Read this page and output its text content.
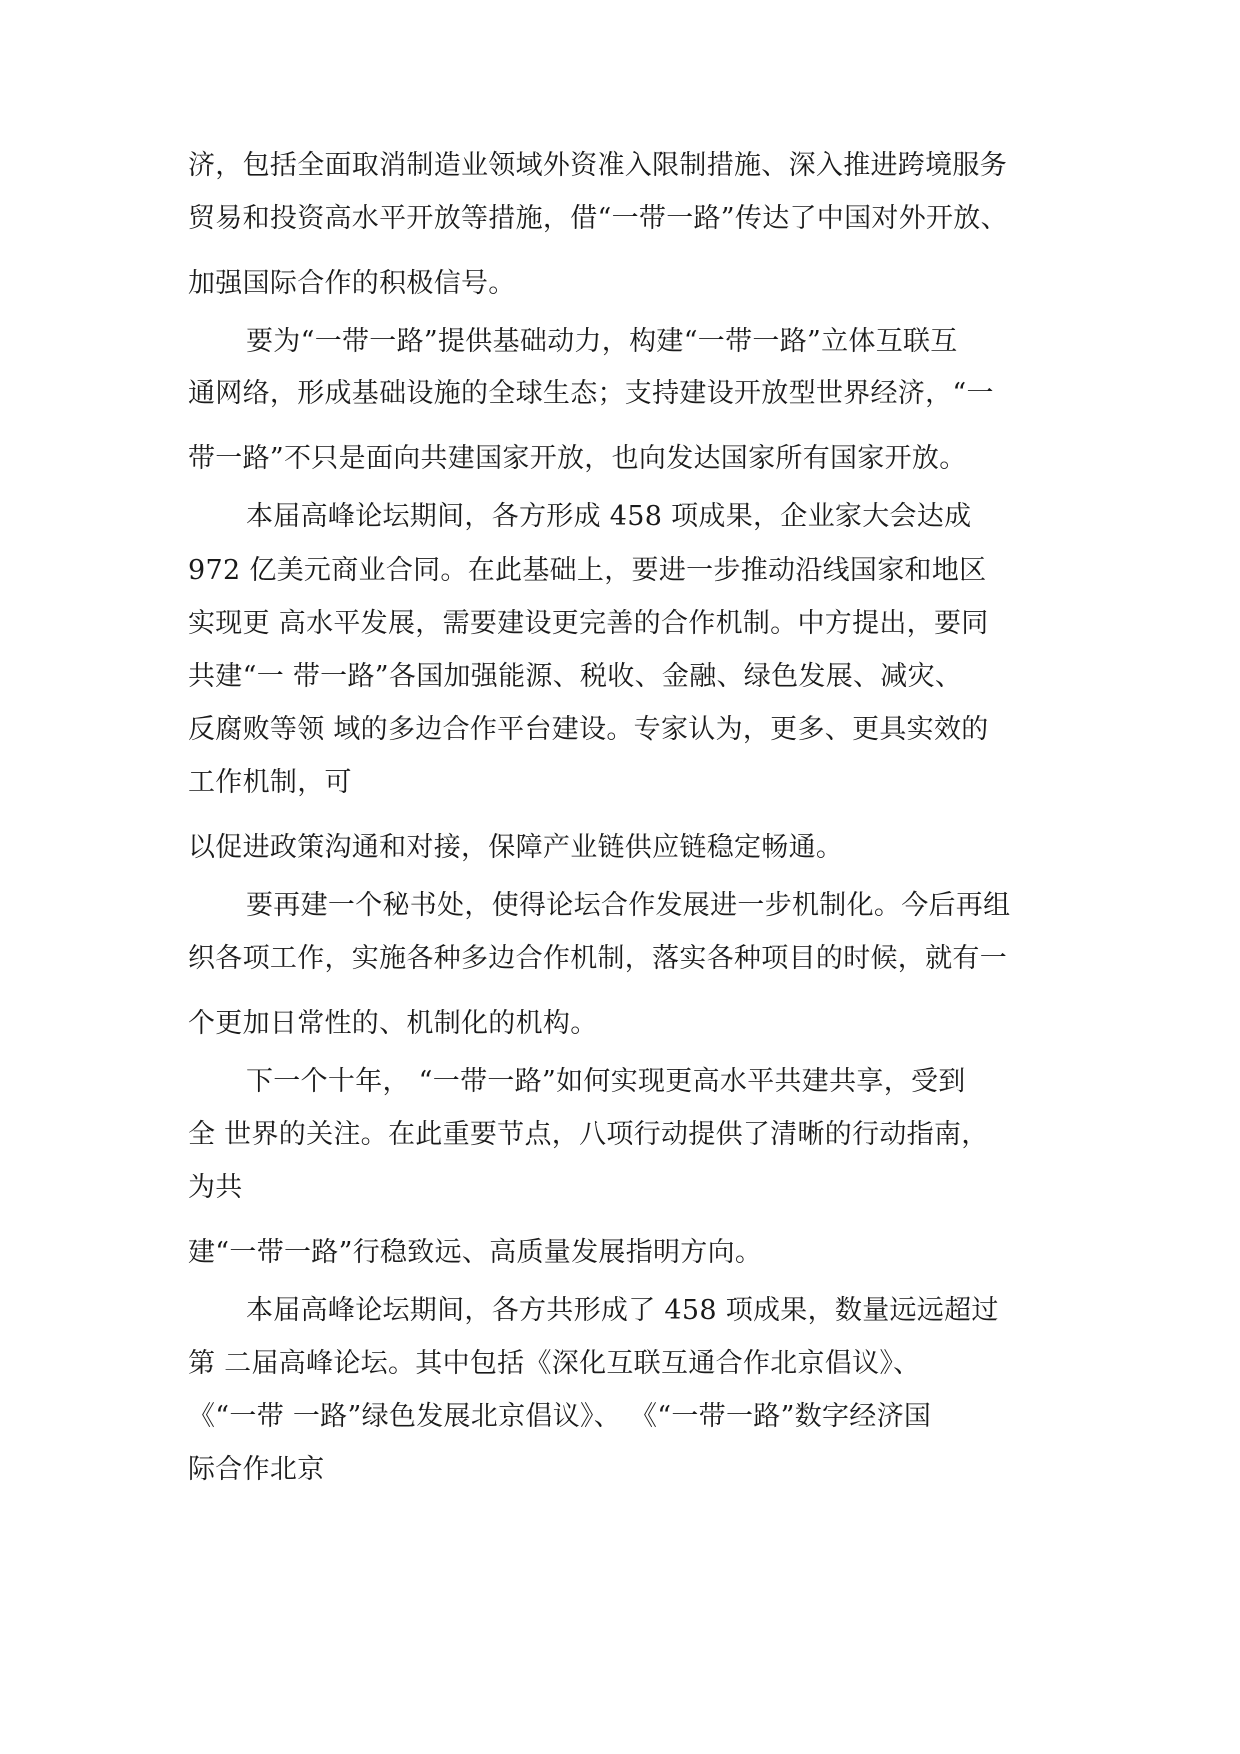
济，包括全面取消制造业领域外资准入限制措施、深入推进跨境服务

贸易和投资高水平开放等措施，借“一带一路”传达了中国对外开放、

加强国际合作的积极信号。

要为“一带一路”提供基础动力，构建“一带一路”立体互联互

通网络，形成基础设施的全球生态；支持建设开放型世界经济，“一

带一路”不只是面向共建国家开放，也向发达国家所有国家开放。

本届高峰论坛期间，各方形成 458 项成果，企业家大会达成

972 亿美元商业合同。在此基础上，要进一步推动沿线国家和地区

实现更 高水平发展，需要建设更完善的合作机制。中方提出，要同

共建“一 带一路”各国加强能源、税收、金融、绿色发展、减灾、

反腐败等领 域的多边合作平台建设。专家认为，更多、更具实效的

工作机制，可

以促进政策沟通和对接，保障产业链供应链稳定畅通。

要再建一个秘书处，使得论坛合作发展进一步机制化。今后再组

织各项工作，实施各种多边合作机制，落实各种项目的时候，就有一

个更加日常性的、机制化的机构。

下一个十年， “一带一路”如何实现更高水平共建共享，受到

全 世界的关注。在此重要节点，八项行动提供了清晰的行动指南，

为共

建“一带一路”行稳致远、高质量发展指明方向。

本届高峰论坛期间，各方共形成了 458 项成果，数量远远超过

第 二届高峰论坛。其中包括《深化互联互通合作北京倡议》、

《“一带 一路”绿色发展北京倡议》、 《“一带一路”数字经济国

际合作北京
